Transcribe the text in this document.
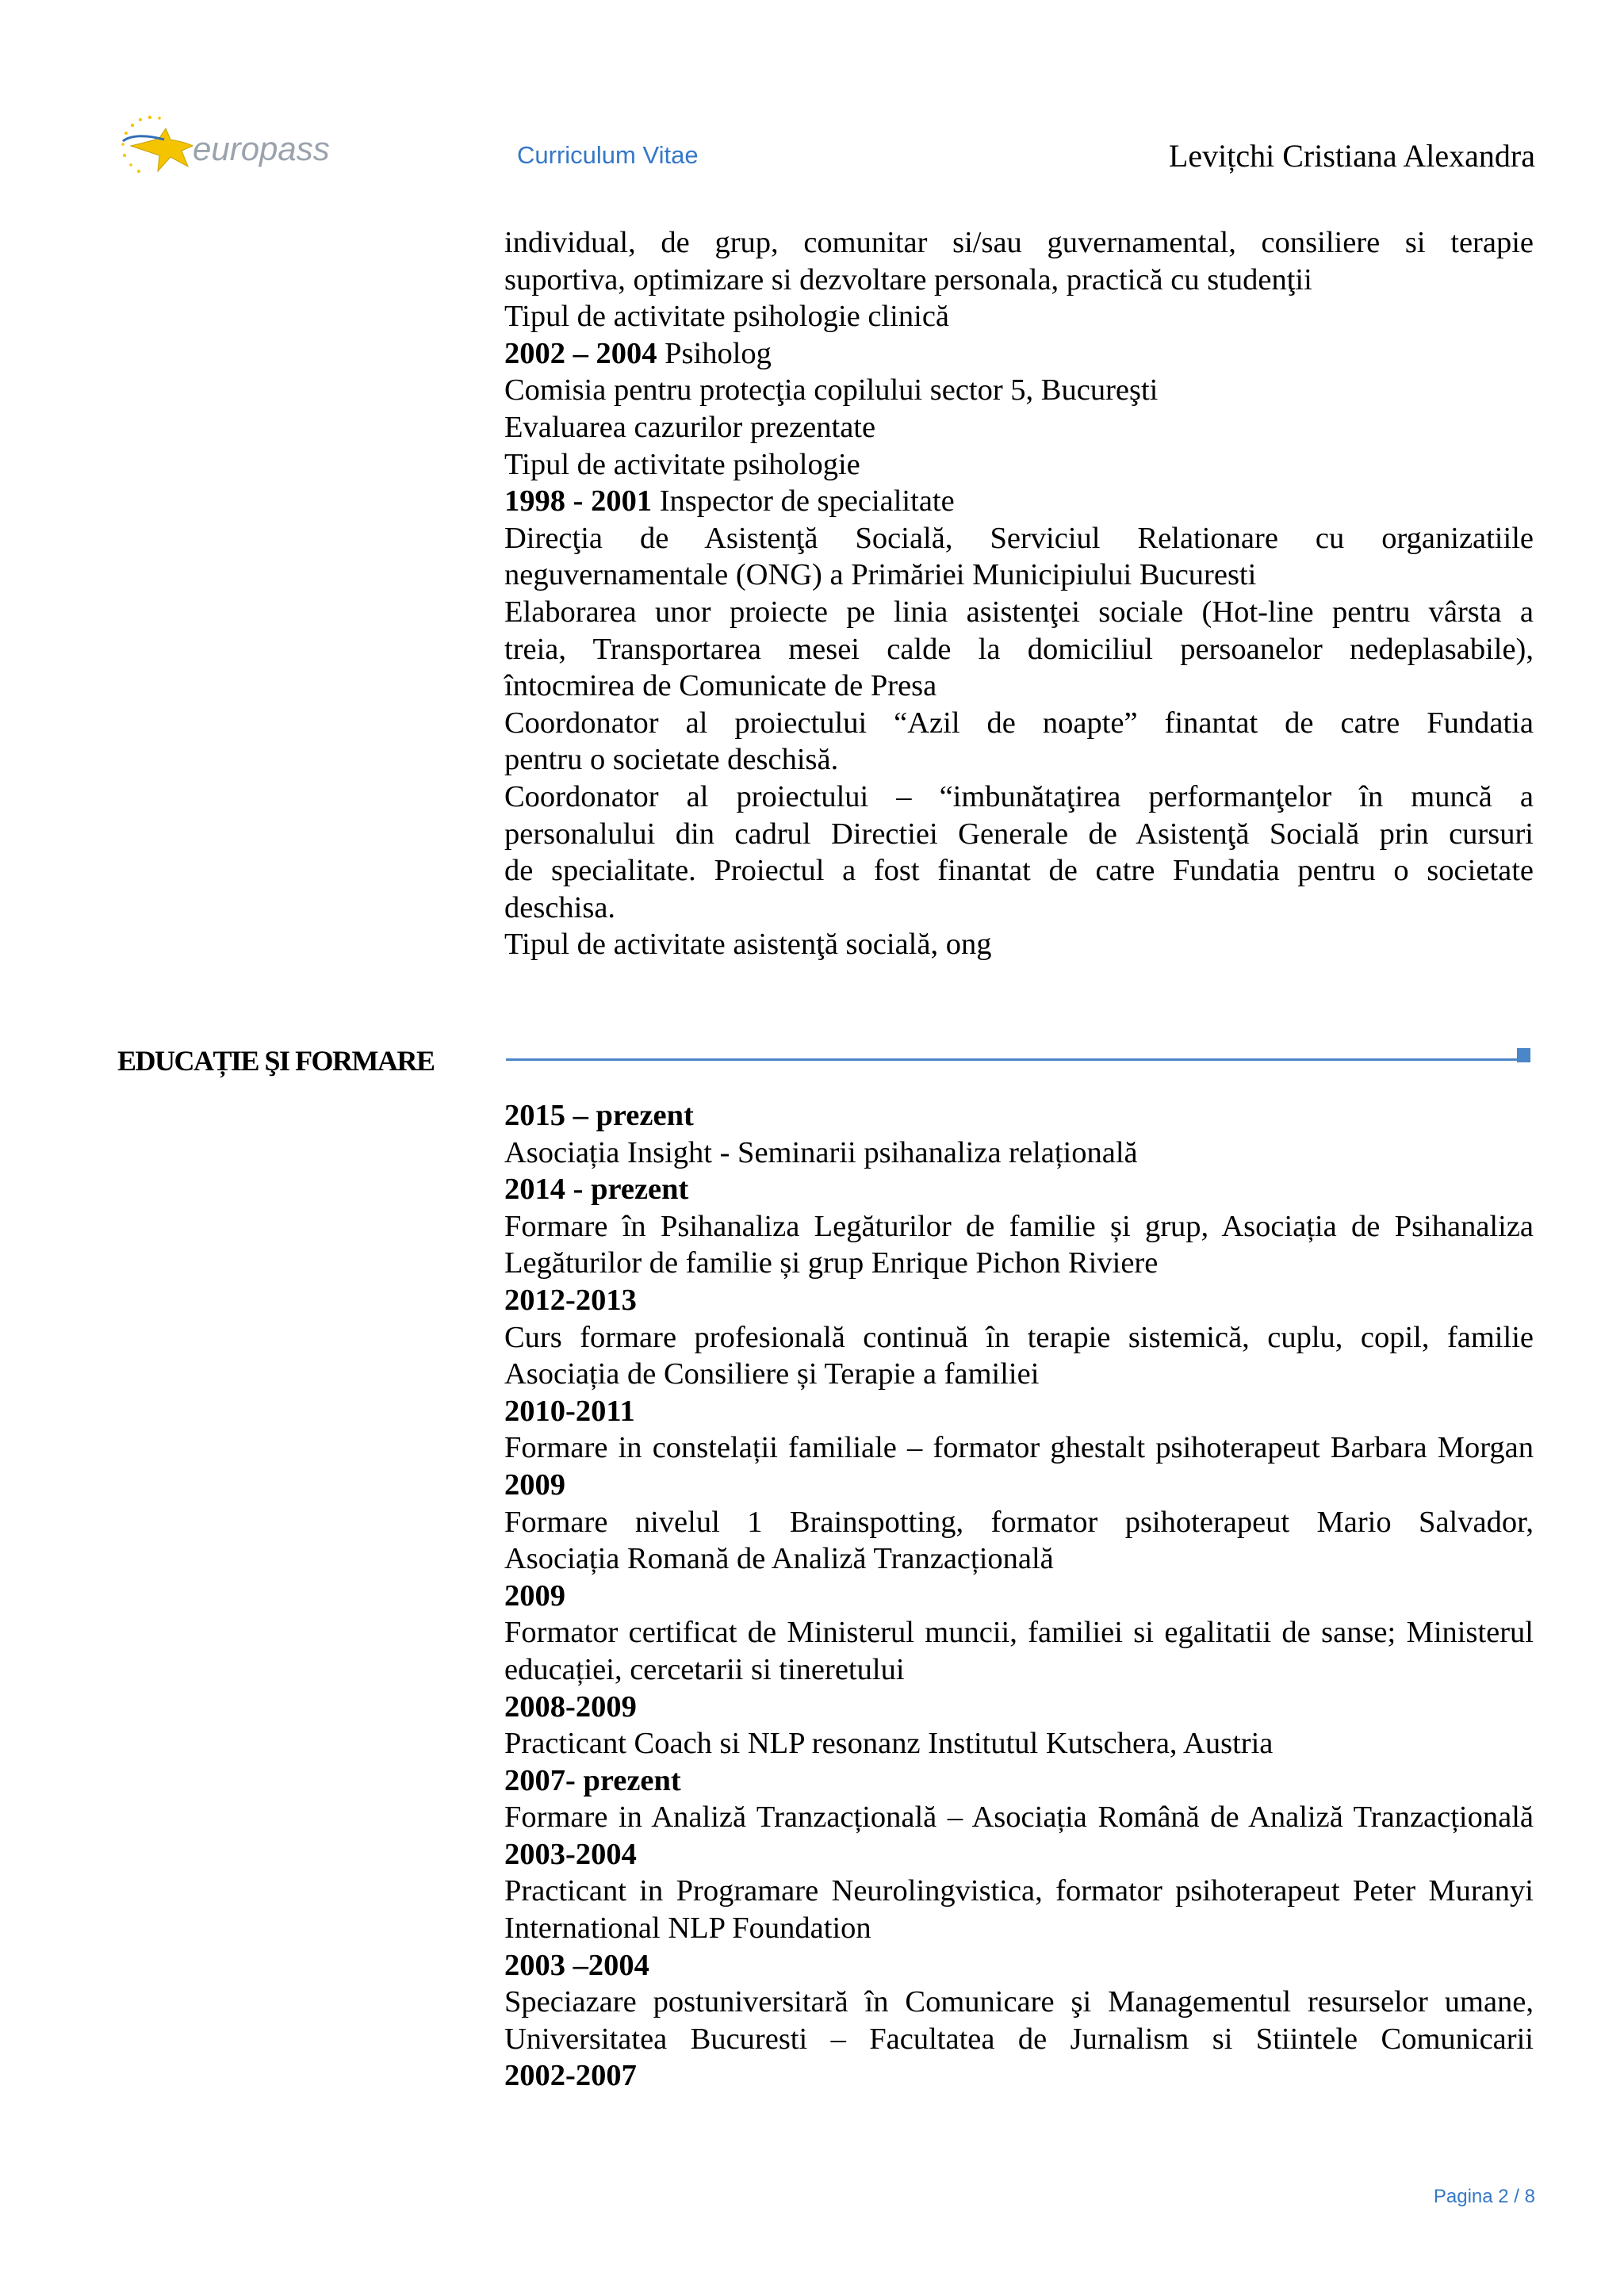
europass	Curriculum Vitae	Levițchi Cristiana Alexandra

individual, de grup, comunitar si/sau guvernamental, consiliere si terapie

suportiva, optimizare si dezvoltare personala, practică cu studenţii

Tipul de activitate psihologie clinică

2002 – 2004 Psiholog

Comisia pentru protecţia copilului sector 5, Bucureşti

Evaluarea cazurilor prezentate

Tipul de activitate psihologie

1998 - 2001 Inspector de specialitate

Direcţia de Asistenţă Socială, Serviciul Relationare cu organizatiile

neguvernamentale (ONG) a Primăriei Municipiului Bucuresti

Elaborarea unor proiecte pe linia asistenţei sociale (Hot-line pentru vârsta a

treia, Transportarea mesei calde la domiciliul persoanelor nedeplasabile),

întocmirea de Comunicate de Presa

Coordonator al proiectului “Azil de noapte” finantat de catre Fundatia

pentru o societate deschisă.

Coordonator al proiectului – “imbunătaţirea performanţelor în muncă a

personalului din cadrul Directiei Generale de Asistenţă Socială prin cursuri

de specialitate. Proiectul a fost finantat de catre Fundatia pentru o societate

deschisa.

Tipul de activitate asistenţă socială, ong

EDUCAȚIE ŞI FORMARE

2015 – prezent

Asociația Insight - Seminarii psihanaliza relațională

2014 - prezent

Formare în Psihanaliza Legăturilor de familie și grup, Asociația de Psihanaliza

Legăturilor de familie și grup Enrique Pichon Riviere

2012-2013

Curs formare profesională continuă în terapie sistemică, cuplu, copil, familie

Asociația de Consiliere și Terapie a familiei

2010-2011

Formare in constelații familiale – formator ghestalt psihoterapeut Barbara Morgan

2009

Formare nivelul 1 Brainspotting, formator psihoterapeut Mario Salvador,

Asociația Romană de Analiză Tranzacțională

2009

Formator certificat de Ministerul muncii, familiei si egalitatii de sanse; Ministerul

educației, cercetarii si tineretului

2008-2009

Practicant Coach si NLP resonanz Institutul Kutschera, Austria

2007- prezent

Formare in Analiză Tranzacțională – Asociația Română de Analiză Tranzacțională

2003-2004

Practicant in Programare Neurolingvistica, formator psihoterapeut Peter Muranyi

International NLP Foundation

2003 –2004

Speciazare postuniversitară în Comunicare şi Managementul resurselor umane,

Universitatea Bucuresti – Facultatea de Jurnalism si Stiintele Comunicarii

2002-2007

Pagina 2 / 8
